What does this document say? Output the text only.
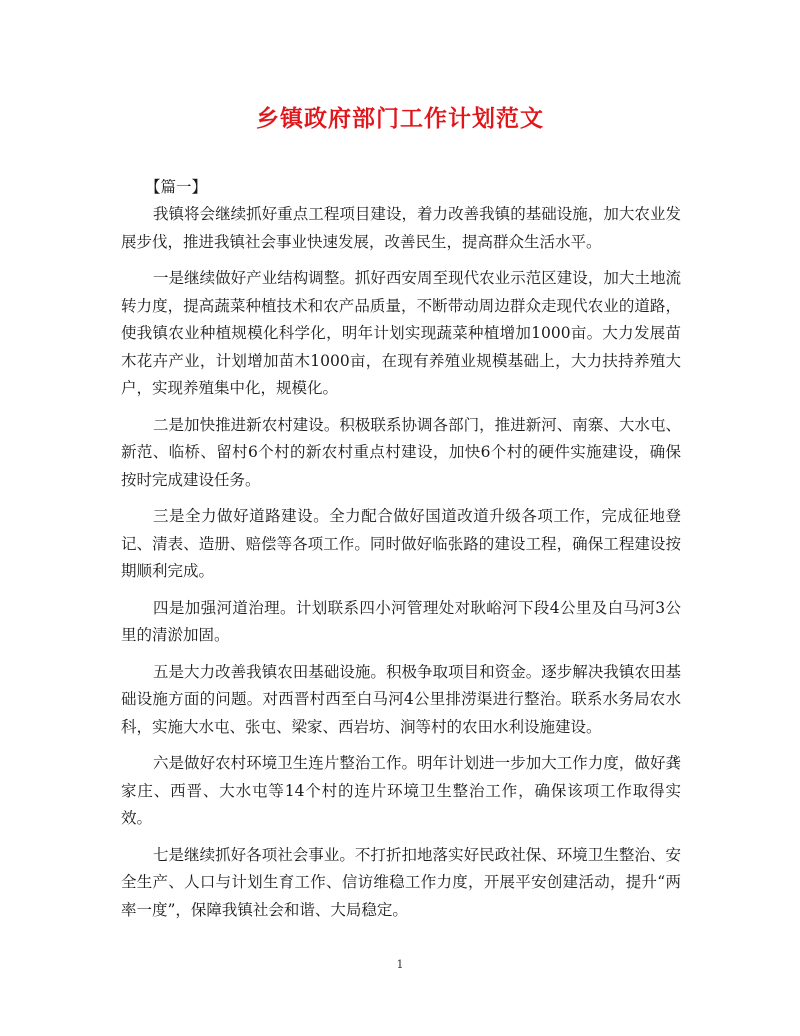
乡镇政府部门工作计划范文

【篇一】

我镇将会继续抓好重点工程项目建设，着力改善我镇的基础设施，加大农业发展步伐，推进我镇社会事业快速发展，改善民生，提高群众生活水平。

一是继续做好产业结构调整。抓好西安周至现代农业示范区建设，加大土地流转力度，提高蔬菜种植技术和农产品质量，不断带动周边群众走现代农业的道路，使我镇农业种植规模化科学化，明年计划实现蔬菜种植增加1000亩。大力发展苗木花卉产业，计划增加苗木1000亩，在现有养殖业规模基础上，大力扶持养殖大户，实现养殖集中化，规模化。

二是加快推进新农村建设。积极联系协调各部门，推进新河、南寨、大水屯、新范、临桥、留村6个村的新农村重点村建设，加快6个村的硬件实施建设，确保按时完成建设任务。

三是全力做好道路建设。全力配合做好国道改道升级各项工作，完成征地登记、清表、造册、赔偿等各项工作。同时做好临张路的建设工程，确保工程建设按期顺利完成。

四是加强河道治理。计划联系四小河管理处对耿峪河下段4公里及白马河3公里的清淤加固。

五是大力改善我镇农田基础设施。积极争取项目和资金。逐步解决我镇农田基础设施方面的问题。对西晋村西至白马河4公里排涝渠进行整治。联系水务局农水科，实施大水屯、张屯、梁家、西岩坊、涧等村的农田水利设施建设。

六是做好农村环境卫生连片整治工作。明年计划进一步加大工作力度，做好龚家庄、西晋、大水屯等14个村的连片环境卫生整治工作，确保该项工作取得实效。

七是继续抓好各项社会事业。不打折扣地落实好民政社保、环境卫生整治、安全生产、人口与计划生育工作、信访维稳工作力度，开展平安创建活动，提升“两率一度”，保障我镇社会和谐、大局稳定。

1
